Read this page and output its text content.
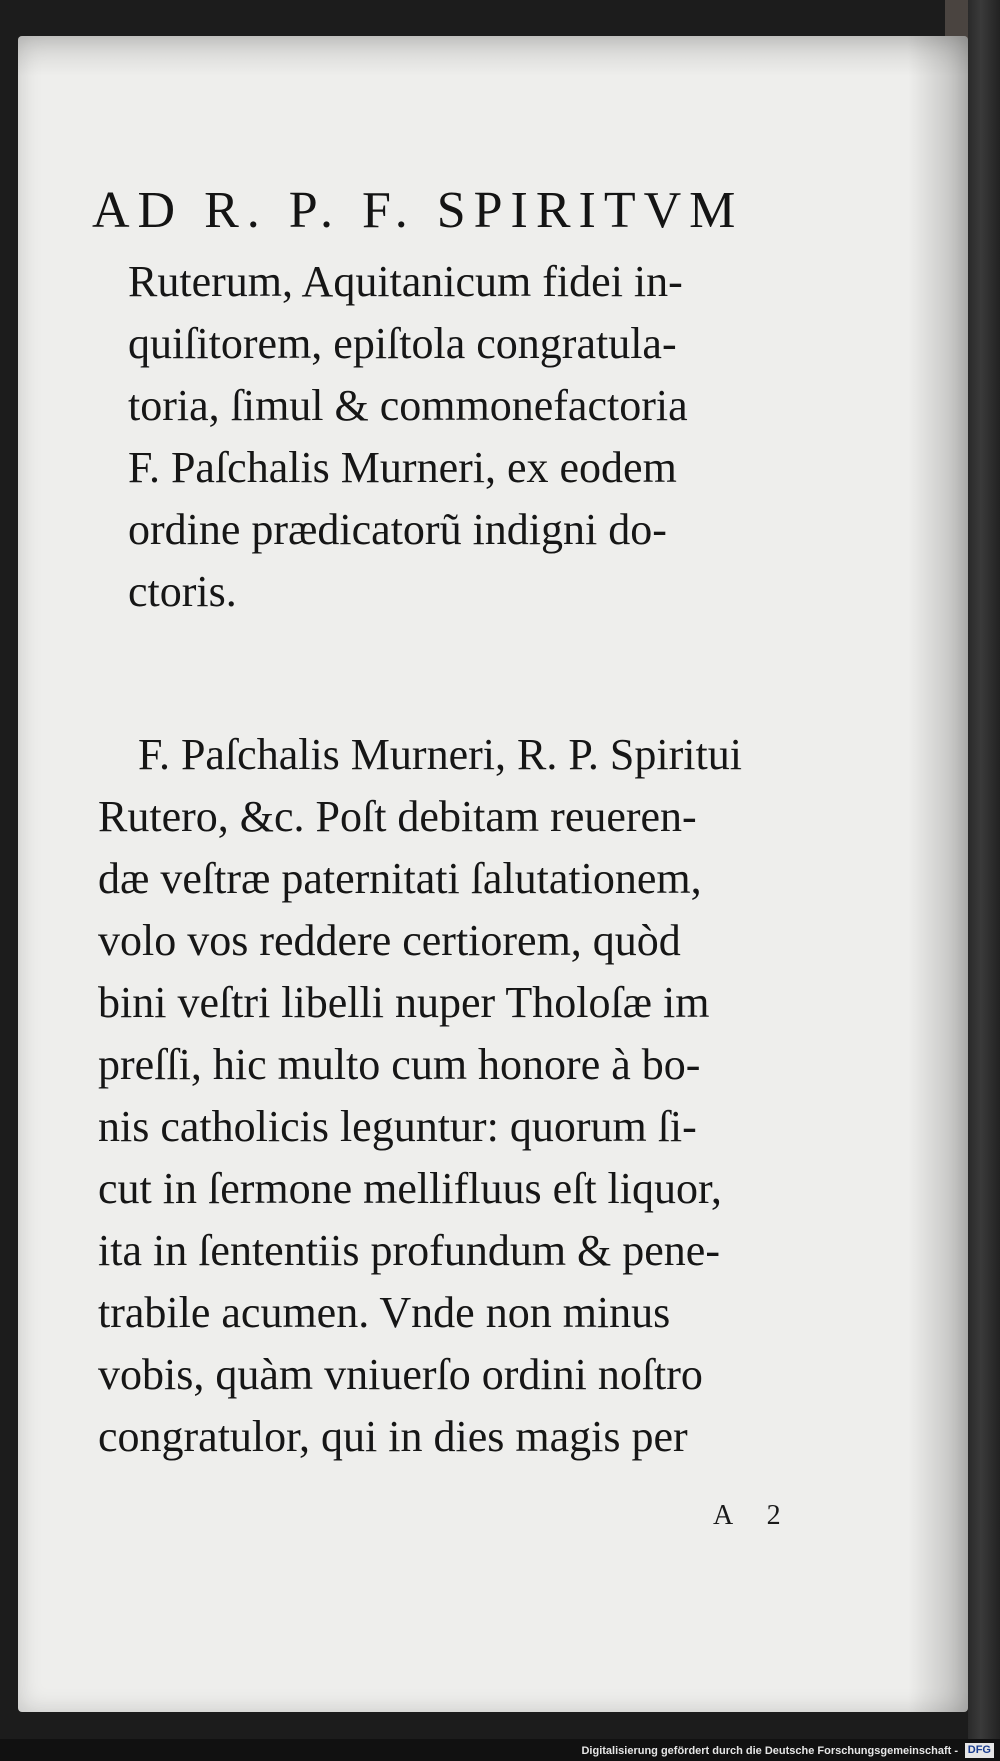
AD R. P. F. SPIRITVM
Ruterum, Aquitanicum fidei in-
quiſitorem, epiſtola congratula-
toria, ſimul & commonefactoria
F. Paſchalis Murneri, ex eodem
ordine prædicatorũ indigni do-
ctoris.
F. Paſchalis Murneri, R. P. Spiritui
Rutero, &c. Poſt debitam reueren-
dæ veſtræ paternitati ſalutationem,
volo vos reddere certiorem, quòd
bini veſtri libelli nuper Tholoſæ im
preſſi, hic multo cum honore à bo-
nis catholicis leguntur: quorum ſi-
cut in ſermone mellifluus eſt liquor,
ita in ſententiis profundum & pene-
trabile acumen. Vnde non minus
vobis, quàm vniuerſo ordini noſtro
congratulor, qui in dies magis per
A 2
Digitalisierung gefördert durch die Deutsche Forschungsgemeinschaft - DFG
